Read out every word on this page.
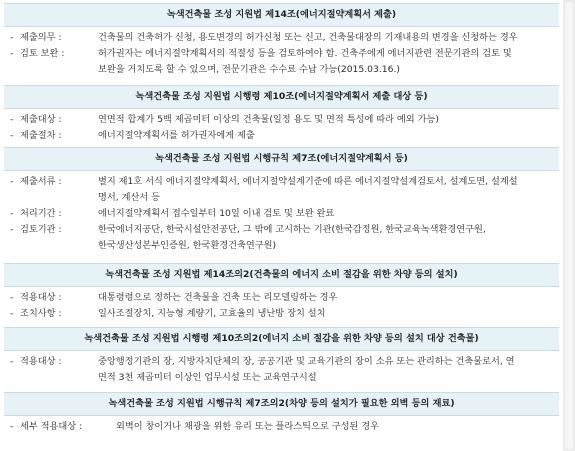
녹색건축물 조성 지원법 제14조(에너지절약계획서 제출)
- 제출의무 :	건축물의 건축허가 신청, 용도변경의 허가신청 또는 신고, 건축물대장의 기재내용의 변경을 신청하는 경우
- 검토 보완 :	허가권자는 에너지절약계획서의 적절성 등을 검토하여야 함. 건축주에게 에너지관련 전문기관의 검토 및
보완을 거치도록 할 수 있으며, 전문기관은 수수료 수납 가능(2015.03.16.)
녹색건축물 조성 지원법 시행령 제10조(에너지절약계획서 제출 대상 등)
- 제출대상 :	연면적 합계가 5백 제곱미터 이상의 건축물(일정 용도 및 면적 특성에 따라 예외 가능)
- 제출절차 :	에너지절약계획서를 허가권자에게 제출
녹색건축물 조성 지원법 시행규칙 제7조(에너지절약계획서 등)
- 제출서류 :	별지 제1호 서식 에너지절약계획서, 에너지절약설계기준에 따른 에너지절약설계검토서, 설계도면, 설계설
명서, 계산서 등
- 처리기간 :	에너지절약계획서 접수일부터 10일 이내 검토 및 보완 완료
- 검토기관 :	한국에너지공단, 한국시설안전공단, 그 밖에 고시하는 기관(한국감정원, 한국교육녹색환경연구원,
한국생산성본부인증원, 한국환경건축연구원)
녹색건축물 조성 지원법 제14조의2(건축물의 에너지 소비 절감을 위한 차양 등의 설치)
- 적용대상 :	대통령령으로 정하는 건축물을 건축 또는 리모델링하는 경우
- 조치사항 :	일사조절장치, 지능형 계량기, 고효율의 냉난방 장치 설치
녹색건축물 조성 지원법 시행령 제10조의2(에너지 소비 절감을 위한 차양 등의 설치 대상 건축물)
- 적용대상 :	중앙행정기관의 장, 지방자치단체의 장, 공공기관 및 교육기관의 장이 소유 또는 관리하는 건축물로서, 연
면적 3천 제곱미터 이상인 업무시설 또는 교육연구시설
녹색건축물 조성 지원법 시행규칙 제7조의2(차양 등의 설치가 필요한 외벽 등의 재료)
- 세부 적용대상 :	외벽이 창이거나 채광을 위한 유리 또는 플라스틱으로 구성된 경우
